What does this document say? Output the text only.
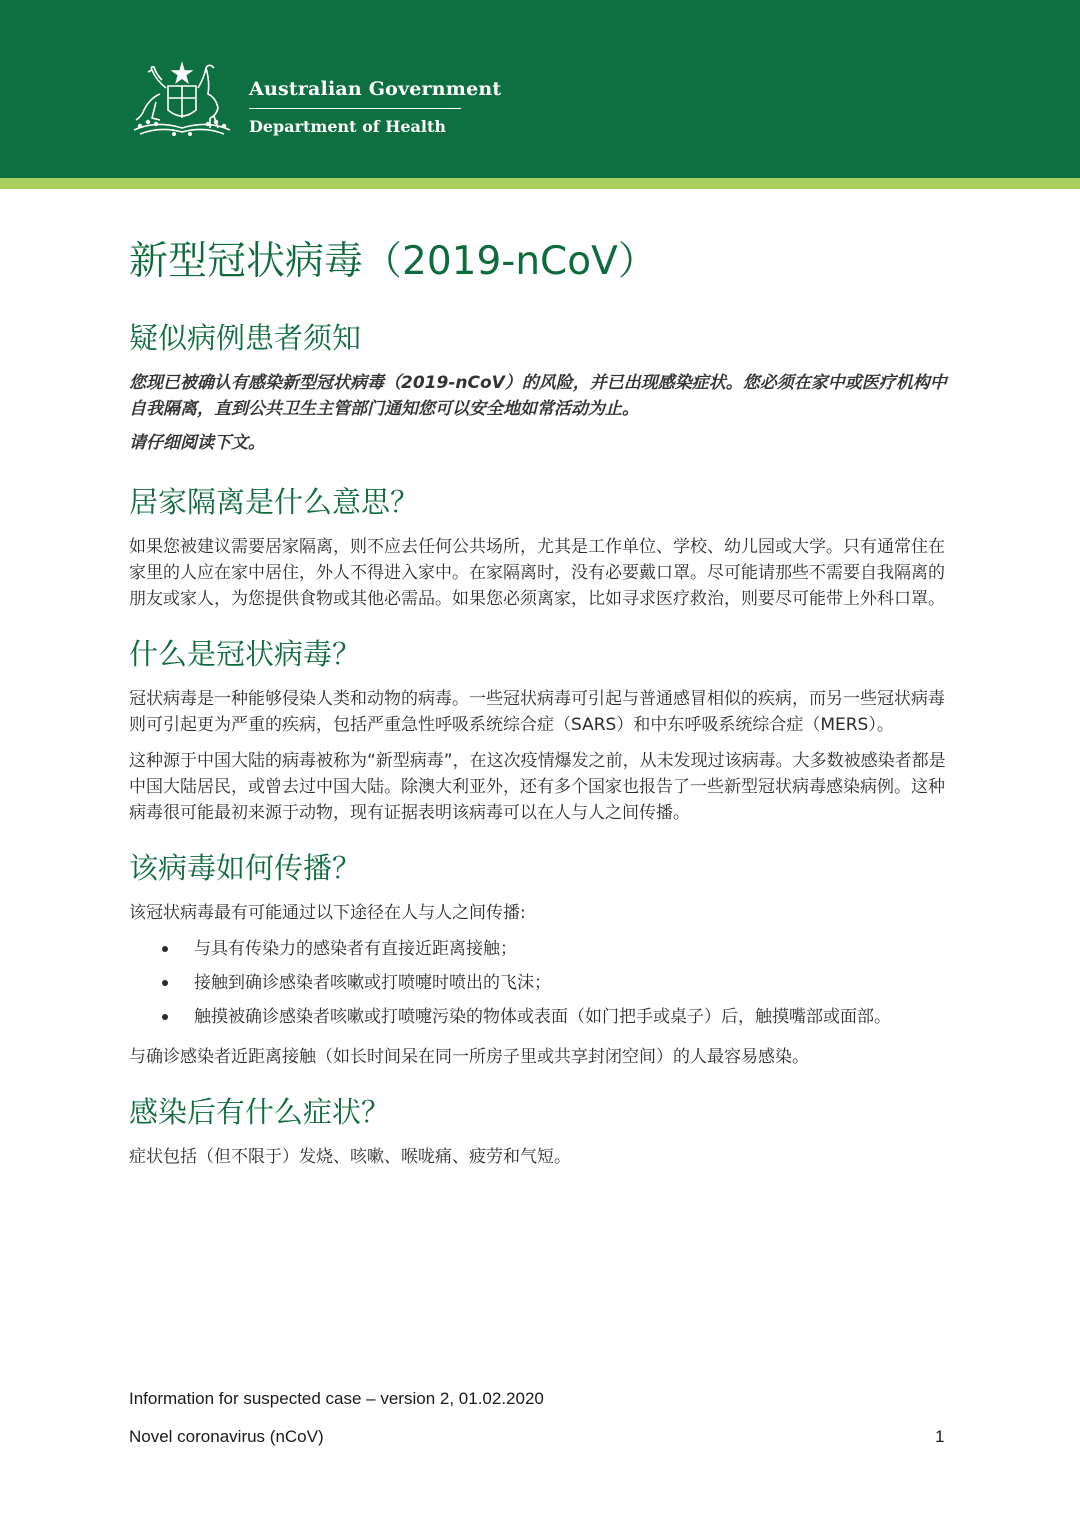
Australian Government
Department of Health
新型冠状病毒（2019-nCoV）
疑似病例患者须知

您现已被确认有感染新型冠状病毒（2019-nCoV）的风险，并已出现感染症状。您必须在家中或医疗机构中自我隔离，直到公共卫生主管部门通知您可以安全地如常活动为止。

请仔细阅读下文。

居家隔离是什么意思？

如果您被建议需要居家隔离，则不应去任何公共场所，尤其是工作单位、学校、幼儿园或大学。只有通常住在家里的人应在家中居住，外人不得进入家中。在家隔离时，没有必要戴口罩。尽可能请那些不需要自我隔离的朋友或家人，为您提供食物或其他必需品。如果您必须离家，比如寻求医疗救治，则要尽可能带上外科口罩。

什么是冠状病毒？

冠状病毒是一种能够侵染人类和动物的病毒。一些冠状病毒可引起与普通感冒相似的疾病，而另一些冠状病毒则可引起更为严重的疾病，包括严重急性呼吸系统综合症（SARS）和中东呼吸系统综合症（MERS）。

这种源于中国大陆的病毒被称为“新型病毒”，在这次疫情爆发之前，从未发现过该病毒。大多数被感染者都是中国大陆居民，或曾去过中国大陆。除澳大利亚外，还有多个国家也报告了一些新型冠状病毒感染病例。这种病毒很可能最初来源于动物，现有证据表明该病毒可以在人与人之间传播。

该病毒如何传播？

该冠状病毒最有可能通过以下途径在人与人之间传播:

与具有传染力的感染者有直接近距离接触；
接触到确诊感染者咳嗽或打喷嚏时喷出的飞沫；
触摸被确诊感染者咳嗽或打喷嚏污染的物体或表面（如门把手或桌子）后，触摸嘴部或面部。

与确诊感染者近距离接触（如长时间呆在同一所房子里或共享封闭空间）的人最容易感染。

感染后有什么症状？

症状包括（但不限于）发烧、咳嗽、喉咙痛、疲劳和气短。

Information for suspected case – version 2, 01.02.2020
Novel coronavirus (nCoV)	1
